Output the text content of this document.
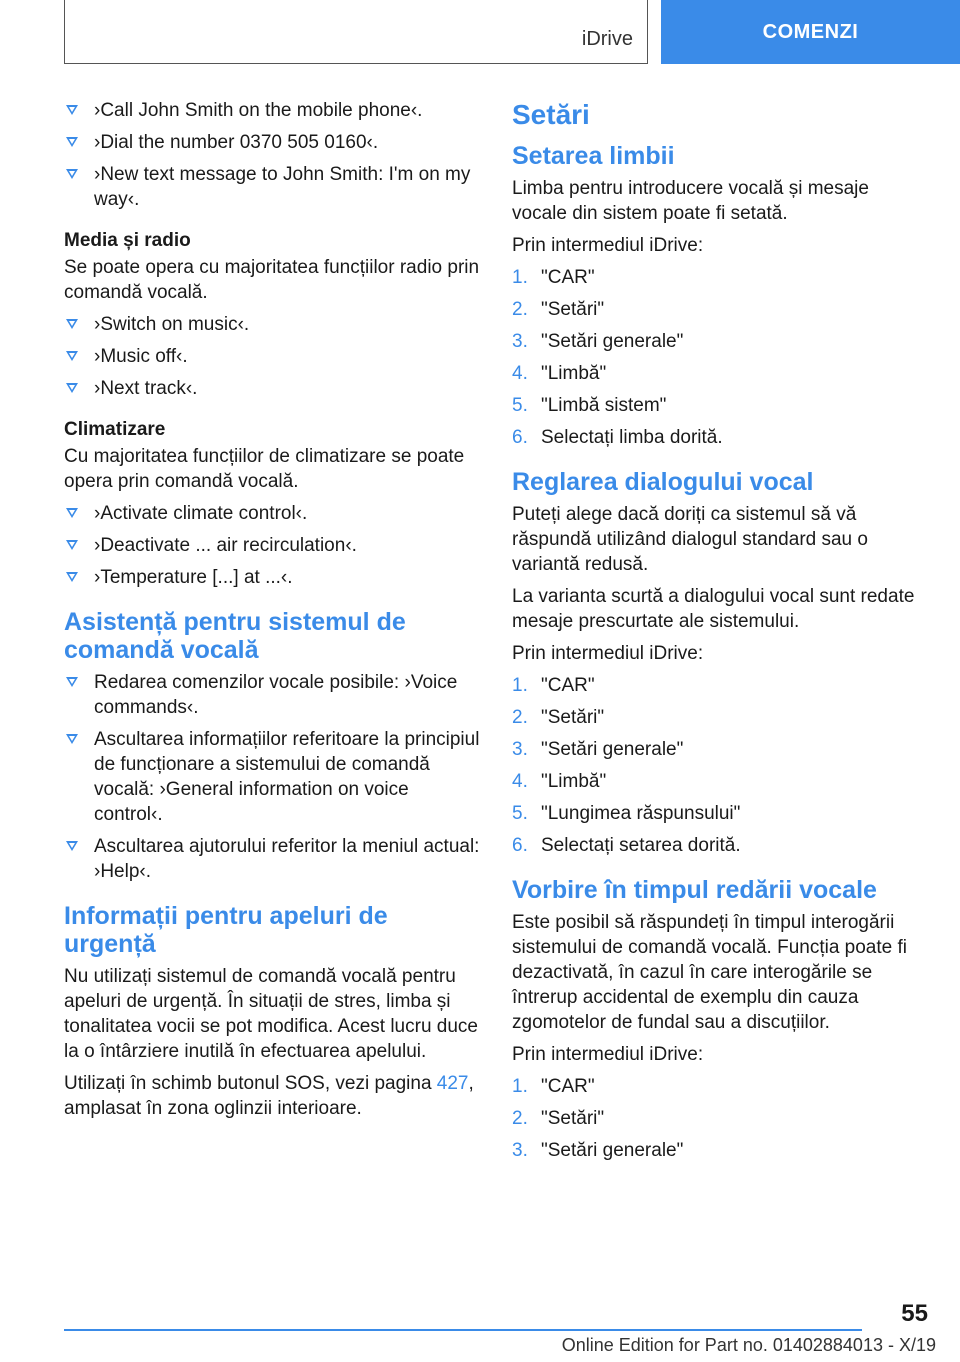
iDrive	COMENZI
›Call John Smith on the mobile phone‹.
›Dial the number 0370 505 0160‹.
›New text message to John Smith: I'm on my way‹.
Media și radio

Se poate opera cu majoritatea funcțiilor radio prin comandă vocală.

›Switch on music‹.
›Music off‹.
›Next track‹.
Climatizare

Cu majoritatea funcțiilor de climatizare se poate opera prin comandă vocală.

›Activate climate control‹.
›Deactivate ... air recirculation‹.
›Temperature [...] at ...‹.
Asistență pentru sistemul de comandă vocală
Redarea comenzilor vocale posibile: ›Voice commands‹.
Ascultarea informațiilor referitoare la principiul de funcționare a sistemului de comandă vocală: ›General information on voice control‹.
Ascultarea ajutorului referitor la meniul actual: ›Help‹.
Informații pentru apeluri de urgență

Nu utilizați sistemul de comandă vocală pentru apeluri de urgență. În situații de stres, limba și tonalitatea vocii se pot modifica. Acest lucru duce la o întârziere inutilă în efectuarea apelului.

Utilizați în schimb butonul SOS, vezi pagina 427, amplasat în zona oglinzii interioare.

Setări
Setarea limbii

Limba pentru introducere vocală și mesaje vocale din sistem poate fi setată.

Prin intermediul iDrive:

1. "CAR"
2. "Setări"
3. "Setări generale"
4. "Limbă"
5. "Limbă sistem"
6. Selectați limba dorită.
Reglarea dialogului vocal

Puteți alege dacă doriți ca sistemul să vă răspundă utilizând dialogul standard sau o variantă redusă.

La varianta scurtă a dialogului vocal sunt redate mesaje prescurtate ale sistemului.

Prin intermediul iDrive:

1. "CAR"
2. "Setări"
3. "Setări generale"
4. "Limbă"
5. "Lungimea răspunsului"
6. Selectați setarea dorită.
Vorbire în timpul redării vocale

Este posibil să răspundeți în timpul interogării sistemului de comandă vocală. Funcția poate fi dezactivată, în cazul în care interogările se întrerup accidental de exemplu din cauza zgomotelor de fundal sau a discuțiilor.

Prin intermediul iDrive:

1. "CAR"
2. "Setări"
3. "Setări generale"
55
Online Edition for Part no. 01402884013 - X/19
